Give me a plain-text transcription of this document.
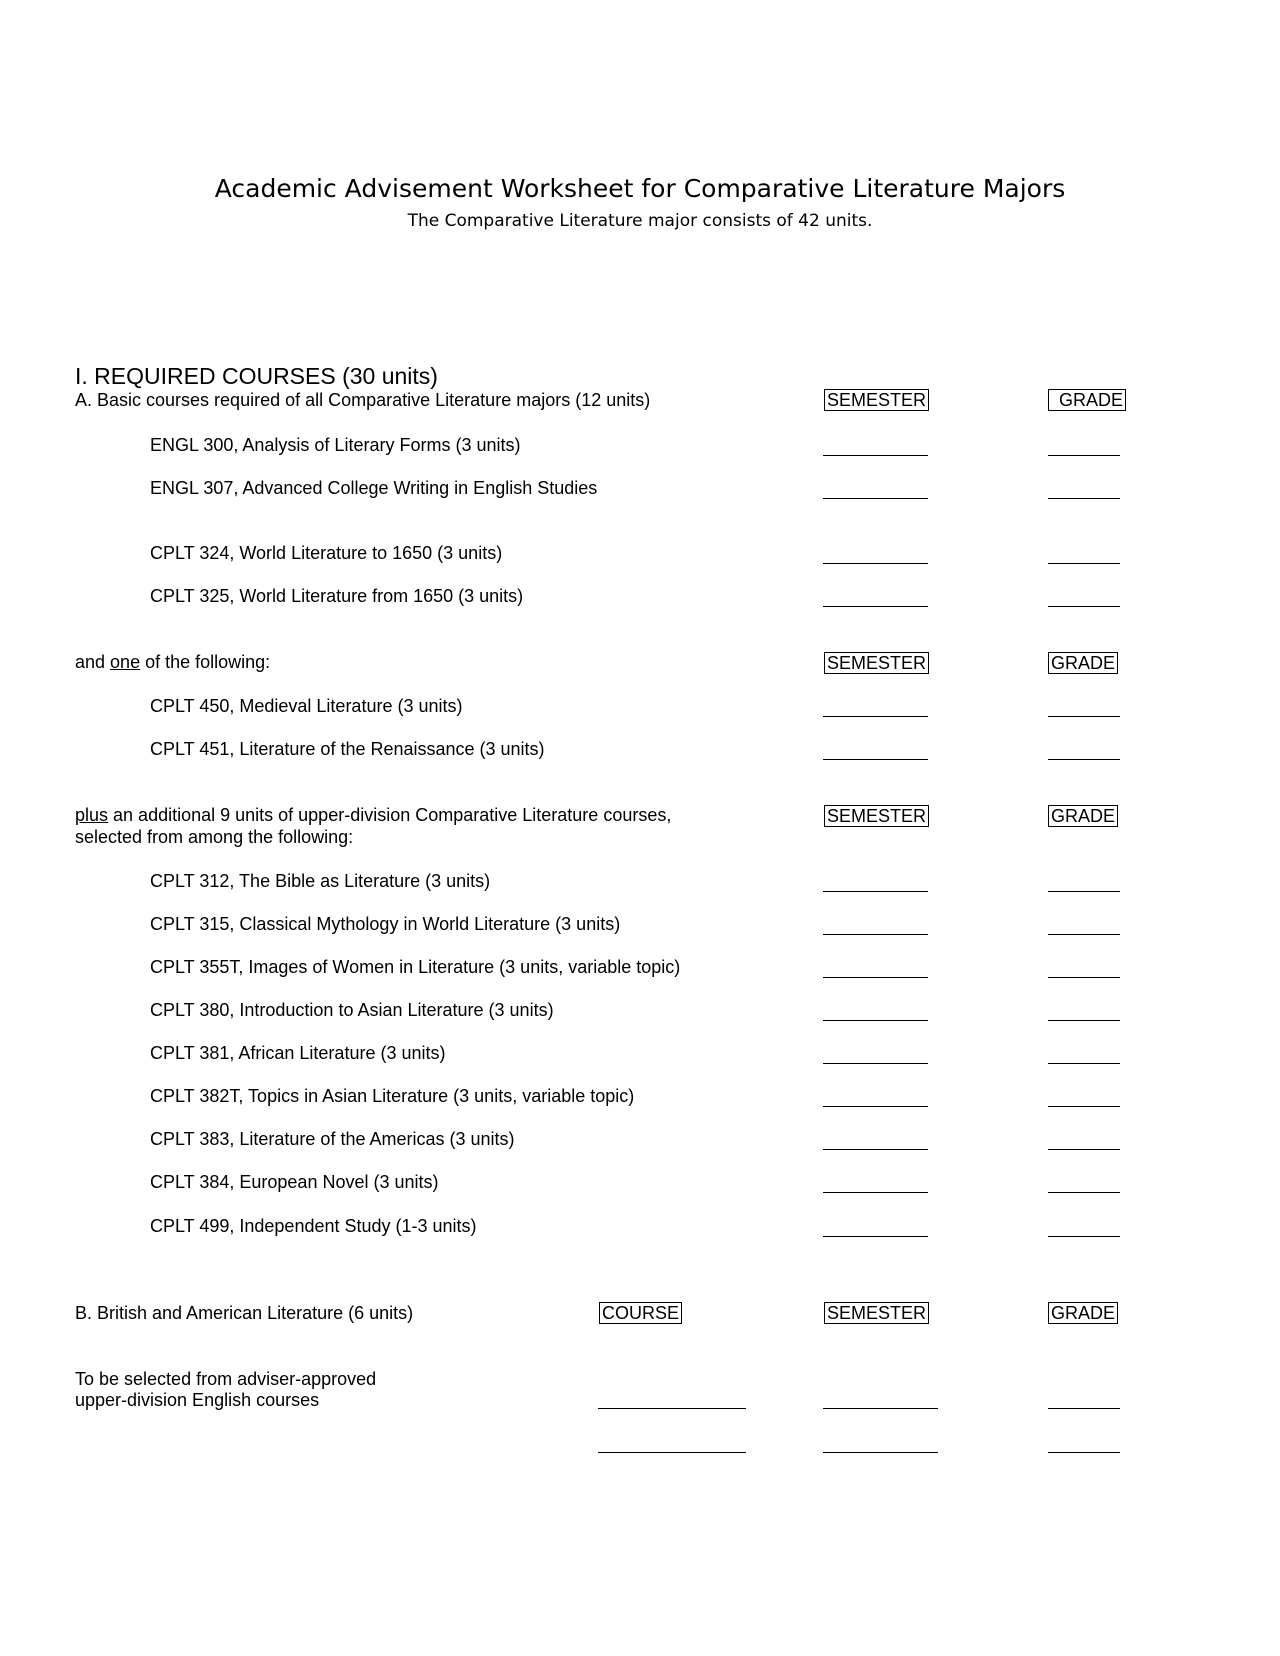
Academic Advisement Worksheet for Comparative Literature Majors
The Comparative Literature major consists of 42 units.
I. REQUIRED COURSES (30 units)
A. Basic courses required of all Comparative Literature majors (12 units)	SEMESTER	GRADE
ENGL 300, Analysis of Literary Forms (3 units)
ENGL 307, Advanced College Writing in English Studies
CPLT 324, World Literature to 1650 (3 units)
CPLT 325, World Literature from 1650 (3 units)
and one of the following:	SEMESTER	GRADE
CPLT 450, Medieval Literature (3 units)
CPLT 451, Literature of the Renaissance (3 units)
plus an additional 9 units of upper-division Comparative Literature courses,
selected from among the following:
SEMESTER	GRADE
CPLT 312, The Bible as Literature (3 units)
CPLT 315, Classical Mythology in World Literature (3 units)
CPLT 355T, Images of Women in Literature (3 units, variable topic)
CPLT 380, Introduction to Asian Literature (3 units)
CPLT 381, African Literature (3 units)
CPLT 382T, Topics in Asian Literature (3 units, variable topic)
CPLT 383, Literature of the Americas (3 units)
CPLT 384, European Novel (3 units)
CPLT 499, Independent Study (1-3 units)
B. British and American Literature (6 units)	COURSE	SEMESTER	GRADE
To be selected from adviser-approved
upper-division English courses
